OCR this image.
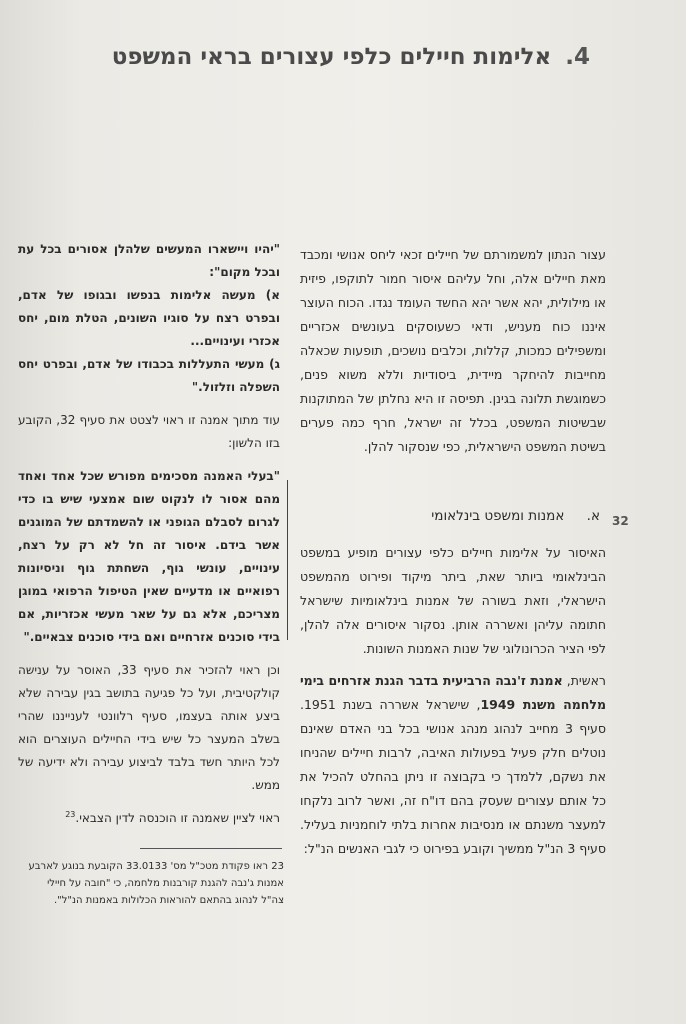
4. אלימות חיילים כלפי עצורים בראי המשפט

עצור הנתון למשמורתם של חיילים זכאי ליחס אנושי ומכבד מאת חיילים אלה, וחל עליהם איסור חמור לתוקפו, פיזית או מילולית, יהא אשר יהא החשד העומד נגדו. הכוח העוצר איננו כוח מעניש, ודאי כשעוסקים בעונשים אכזריים ומשפילים כמכות, קללות, וכלבים נושכים, תופעות שכאלה מחייבות להיחקר מיידית, ביסודיות וללא משוא פנים, כשמוגשת תלונה בגינן. תפיסה זו היא נחלתן של המתוקנות שבשיטות המשפט, בכלל זה ישראל, חרף כמה פערים בשיטת המשפט הישראלית, כפי שנסקור להלן.

א. אמנות ומשפט בינלאומי	32

האיסור על אלימות חיילים כלפי עצורים מופיע במשפט הבינלאומי ביותר שאת, ביתר מיקוד ופירוט מהמשפט הישראלי, וזאת בשורה של אמנות בינלאומיות שישראל חתומה עליהן ואשררה אותן. נסקור איסורים אלה להלן, לפי הציר הכרונולוגי של שנות האמנות השונות.

ראשית, אמנת ז'נבה הרביעית בדבר הגנת אזרחים בימי מלחמה משנת 1949, שישראל אשררה בשנת 1951. סעיף 3 מחייב לנהוג מנהג אנושי בכל בני האדם שאינם נוטלים חלק פעיל בפעולות האיבה, לרבות חיילים שהניחו את נשקם, ללמדך כי בקבוצה זו ניתן בהחלט להכיל את כל אותם עצורים שעסק בהם דו"ח זה, ואשר לרוב נלקחו למעצר משנתם או מנסיבות אחרות בלתי לוחמניות בעליל. סעיף 3 הנ"ל ממשיך וקובע בפירוט כי לגבי האנשים הנ"ל:

"יהיו ויישארו המעשים שלהלן אסורים בכל עת ובכל מקום":

א) מעשה אלימות בנפשו ובגופו של אדם, ובפרט רצח על סוגיו השונים, הטלת מום, יחס אכזרי ועינויים...

ג) מעשי התעללות בכבודו של אדם, ובפרט יחס השפלה וזלזול."

עוד מתוך אמנה זו ראוי לצטט את סעיף 32, הקובע בזו הלשון:

"בעלי האמנה מסכימים מפורש שכל אחד ואחד מהם אסור לו לנקוט שום אמצעי שיש בו כדי לגרום לסבלם הגופני או להשמדתם של המוגנים אשר בידם. איסור זה חל לא רק על רצח, עינויים, עונשי גוף, השחתת גוף וניסיונות רפואיים או מדעיים שאין הטיפול הרפואי במוגן מצריכם, אלא גם על שאר מעשי אכזריות, אם בידי סוכנים אזרחיים ואם בידי סוכנים צבאיים."

וכן ראוי להזכיר את סעיף 33, האוסר על ענישה קולקטיבית, ועל כל פגיעה בתושב בגין עבירה שלא ביצע אותה בעצמו, סעיף רלוונטי לענייננו שהרי בשלב המעצר כל שיש בידי החיילים העוצרים הוא לכל היותר חשד בלבד לביצוע עבירה ולא ידיעה של ממש.

ראוי לציין שאמנה זו הוכנסה לדין הצבאי.$^{23}$

23 ראו פקודת מטכ"ל מס' 33.0133 הקובעת בנוגע לארבע אמנות ג'נבה להגנת קורבנות מלחמה, כי "חובה על חיילי צה"ל לנהוג בהתאם להוראות הכלולות באמנות הנ"ל".
